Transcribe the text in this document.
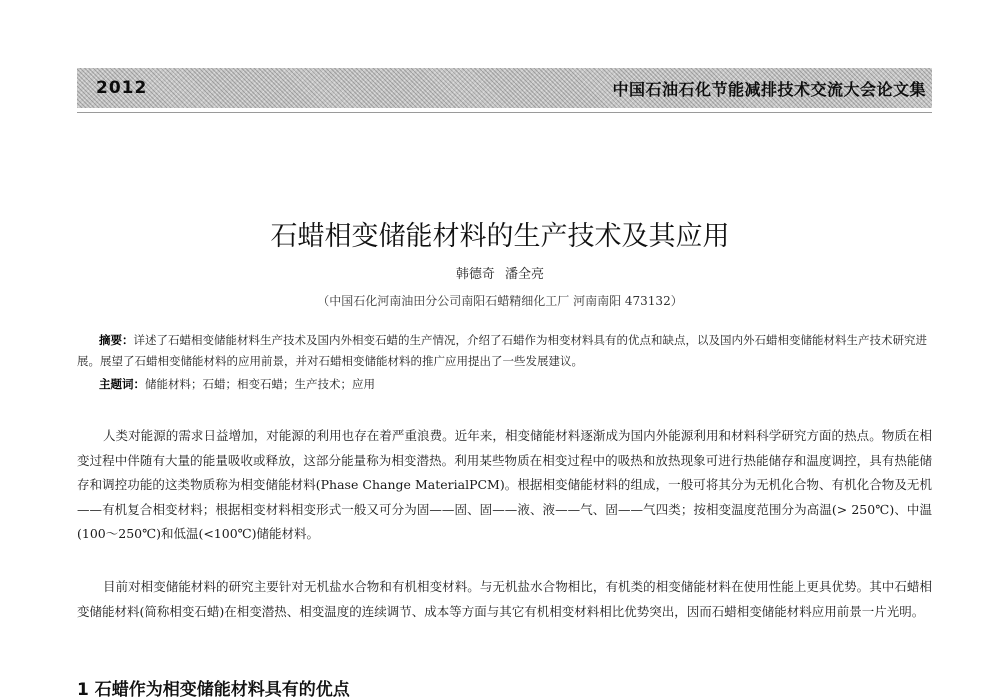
2012	中国石油石化节能减排技术交流大会论文集
石蜡相变储能材料的生产技术及其应用
韩德奇 潘全亮
（中国石化河南油田分公司南阳石蜡精细化工厂 河南南阳 473132）
摘要：详述了石蜡相变储能材料生产技术及国内外相变石蜡的生产情况，介绍了石蜡作为相变材料具有的优点和缺点，以及国内外石蜡相变储能材料生产技术研究进展。展望了石蜡相变储能材料的应用前景，并对石蜡相变储能材料的推广应用提出了一些发展建议。
主题词：储能材料；石蜡；相变石蜡；生产技术；应用
人类对能源的需求日益增加，对能源的利用也存在着严重浪费。近年来，相变储能材料逐渐成为国内外能源利用和材料科学研究方面的热点。物质在相变过程中伴随有大量的能量吸收或释放，这部分能量称为相变潜热。利用某些物质在相变过程中的吸热和放热现象可进行热能储存和温度调控，具有热能储存和调控功能的这类物质称为相变储能材料(Phase Change MaterialPCM)。根据相变储能材料的组成，一般可将其分为无机化合物、有机化合物及无机——有机复合相变材料；根据相变材料相变形式一般又可分为固——固、固——液、液——气、固——气四类；按相变温度范围分为高温(> 250℃)、中温(100～250℃)和低温(<100℃)储能材料。
目前对相变储能材料的研究主要针对无机盐水合物和有机相变材料。与无机盐水合物相比，有机类的相变储能材料在使用性能上更具优势。其中石蜡相变储能材料(简称相变石蜡)在相变潜热、相变温度的连续调节、成本等方面与其它有机相变材料相比优势突出，因而石蜡相变储能材料应用前景一片光明。
1 石蜡作为相变储能材料具有的优点
